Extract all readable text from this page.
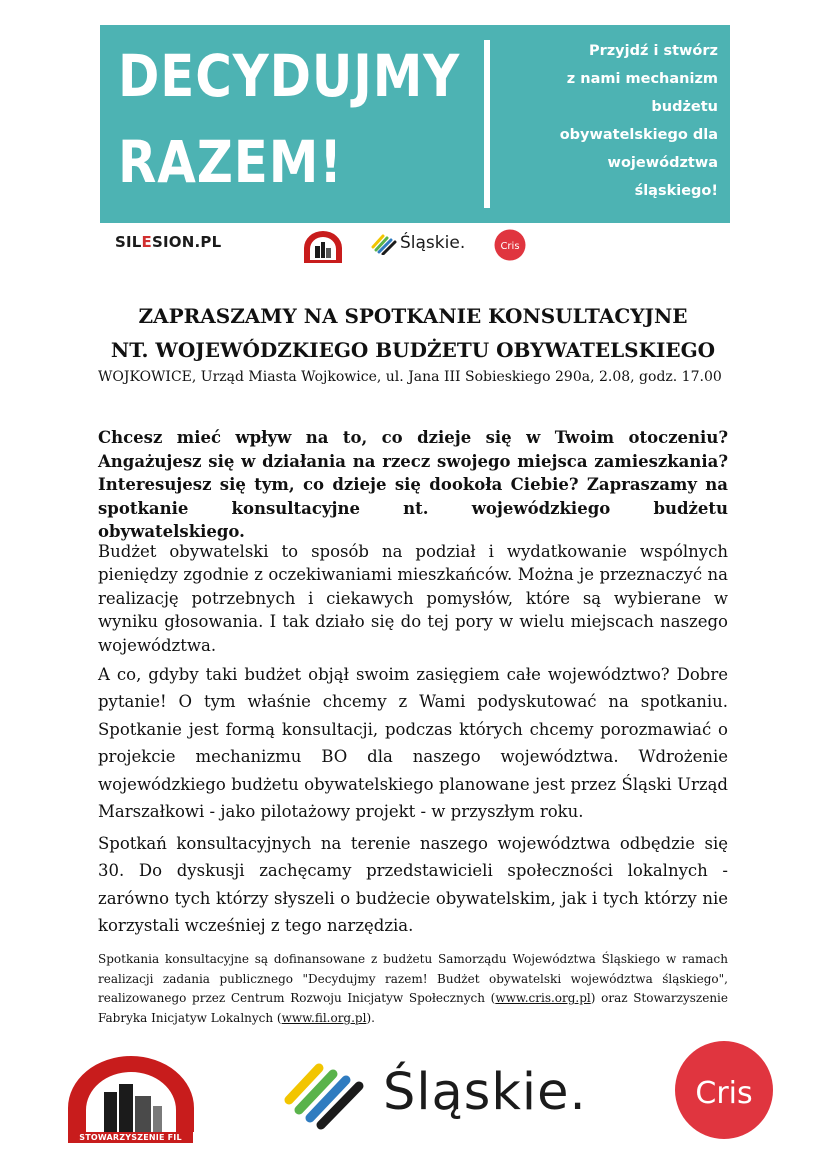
DECYDUJMY
RAZEM!
Przyjdź i stwórz
z nami mechanizm
budżetu
obywatelskiego dla
województwa
śląskiego!
SILESION.PL	Śląskie.	Cris
ZAPRASZAMY NA SPOTKANIE KONSULTACYJNE
NT. WOJEWÓDZKIEGO BUDŻETU OBYWATELSKIEGO
WOJKOWICE, Urząd Miasta Wojkowice, ul. Jana III Sobieskiego 290a, 2.08, godz. 17.00
Chcesz mieć wpływ na to, co dzieje się w Twoim otoczeniu? Angażujesz się w działania na rzecz swojego miejsca zamieszkania? Interesujesz się tym, co dzieje się dookoła Ciebie? Zapraszamy na spotkanie konsultacyjne nt. wojewódzkiego budżetu obywatelskiego.
Budżet obywatelski to sposób na podział i wydatkowanie wspólnych pieniędzy zgodnie z oczekiwaniami mieszkańców. Można je przeznaczyć na realizację potrzebnych i ciekawych pomysłów, które są wybierane w wyniku głosowania. I tak działo się do tej pory w wielu miejscach naszego województwa.
A co, gdyby taki budżet objął swoim zasięgiem całe województwo? Dobre pytanie! O tym właśnie chcemy z Wami podyskutować na spotkaniu. Spotkanie jest formą konsultacji, podczas których chcemy porozmawiać o projekcie mechanizmu BO dla naszego województwa. Wdrożenie wojewódzkiego budżetu obywatelskiego planowane jest przez Śląski Urząd Marszałkowi - jako pilotażowy projekt - w przyszłym roku.
Spotkań konsultacyjnych na terenie naszego województwa odbędzie się 30. Do dyskusji zachęcamy przedstawicieli społeczności lokalnych - zarówno tych którzy słyszeli o budżecie obywatelskim, jak i tych którzy nie korzystali wcześniej z tego narzędzia.
Spotkania konsultacyjne są dofinansowane z budżetu Samorządu Województwa Śląskiego w ramach realizacji zadania publicznego "Decydujmy razem! Budżet obywatelski województwa śląskiego", realizowanego przez Centrum Rozwoju Inicjatyw Społecznych (www.cris.org.pl) oraz Stowarzyszenie Fabryka Inicjatyw Lokalnych (www.fil.org.pl).
STOWARZYSZENIE FIL
Śląskie.	Cris
